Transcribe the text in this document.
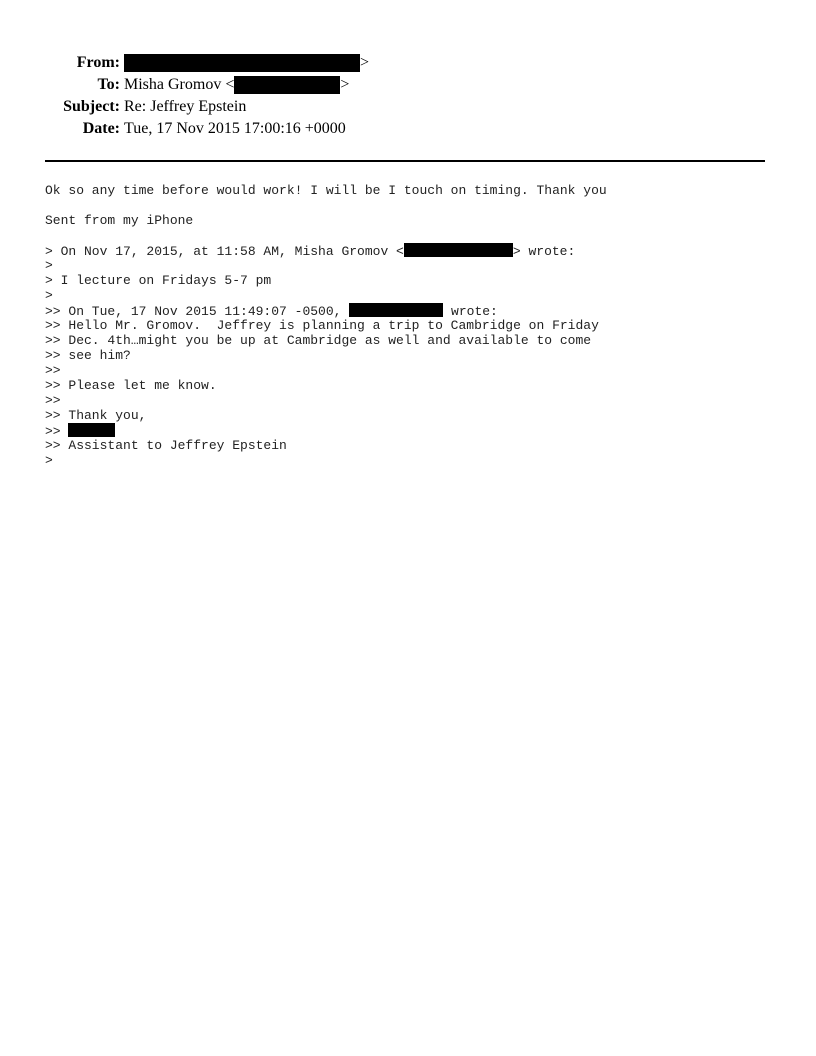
From:	>
To: Misha Gromov <	>
Subject: Re: Jeffrey Epstein
Date: Tue, 17 Nov 2015 17:00:16 +0000
Ok so any time before would work! I will be I touch on timing. Thank you
Sent from my iPhone
> On Nov 17, 2015, at 11:58 AM, Misha Gromov <	> wrote:
>
> I lecture on Fridays 5-7 pm
>
>> On Tue, 17 Nov 2015 11:49:07 -0500,	wrote:
>> Hello Mr. Gromov.  Jeffrey is planning a trip to Cambridge on Friday
>> Dec. 4th…might you be up at Cambridge as well and available to come
>> see him?
>>
>> Please let me know.
>>
>> Thank you,
>>
>> Assistant to Jeffrey Epstein
>
